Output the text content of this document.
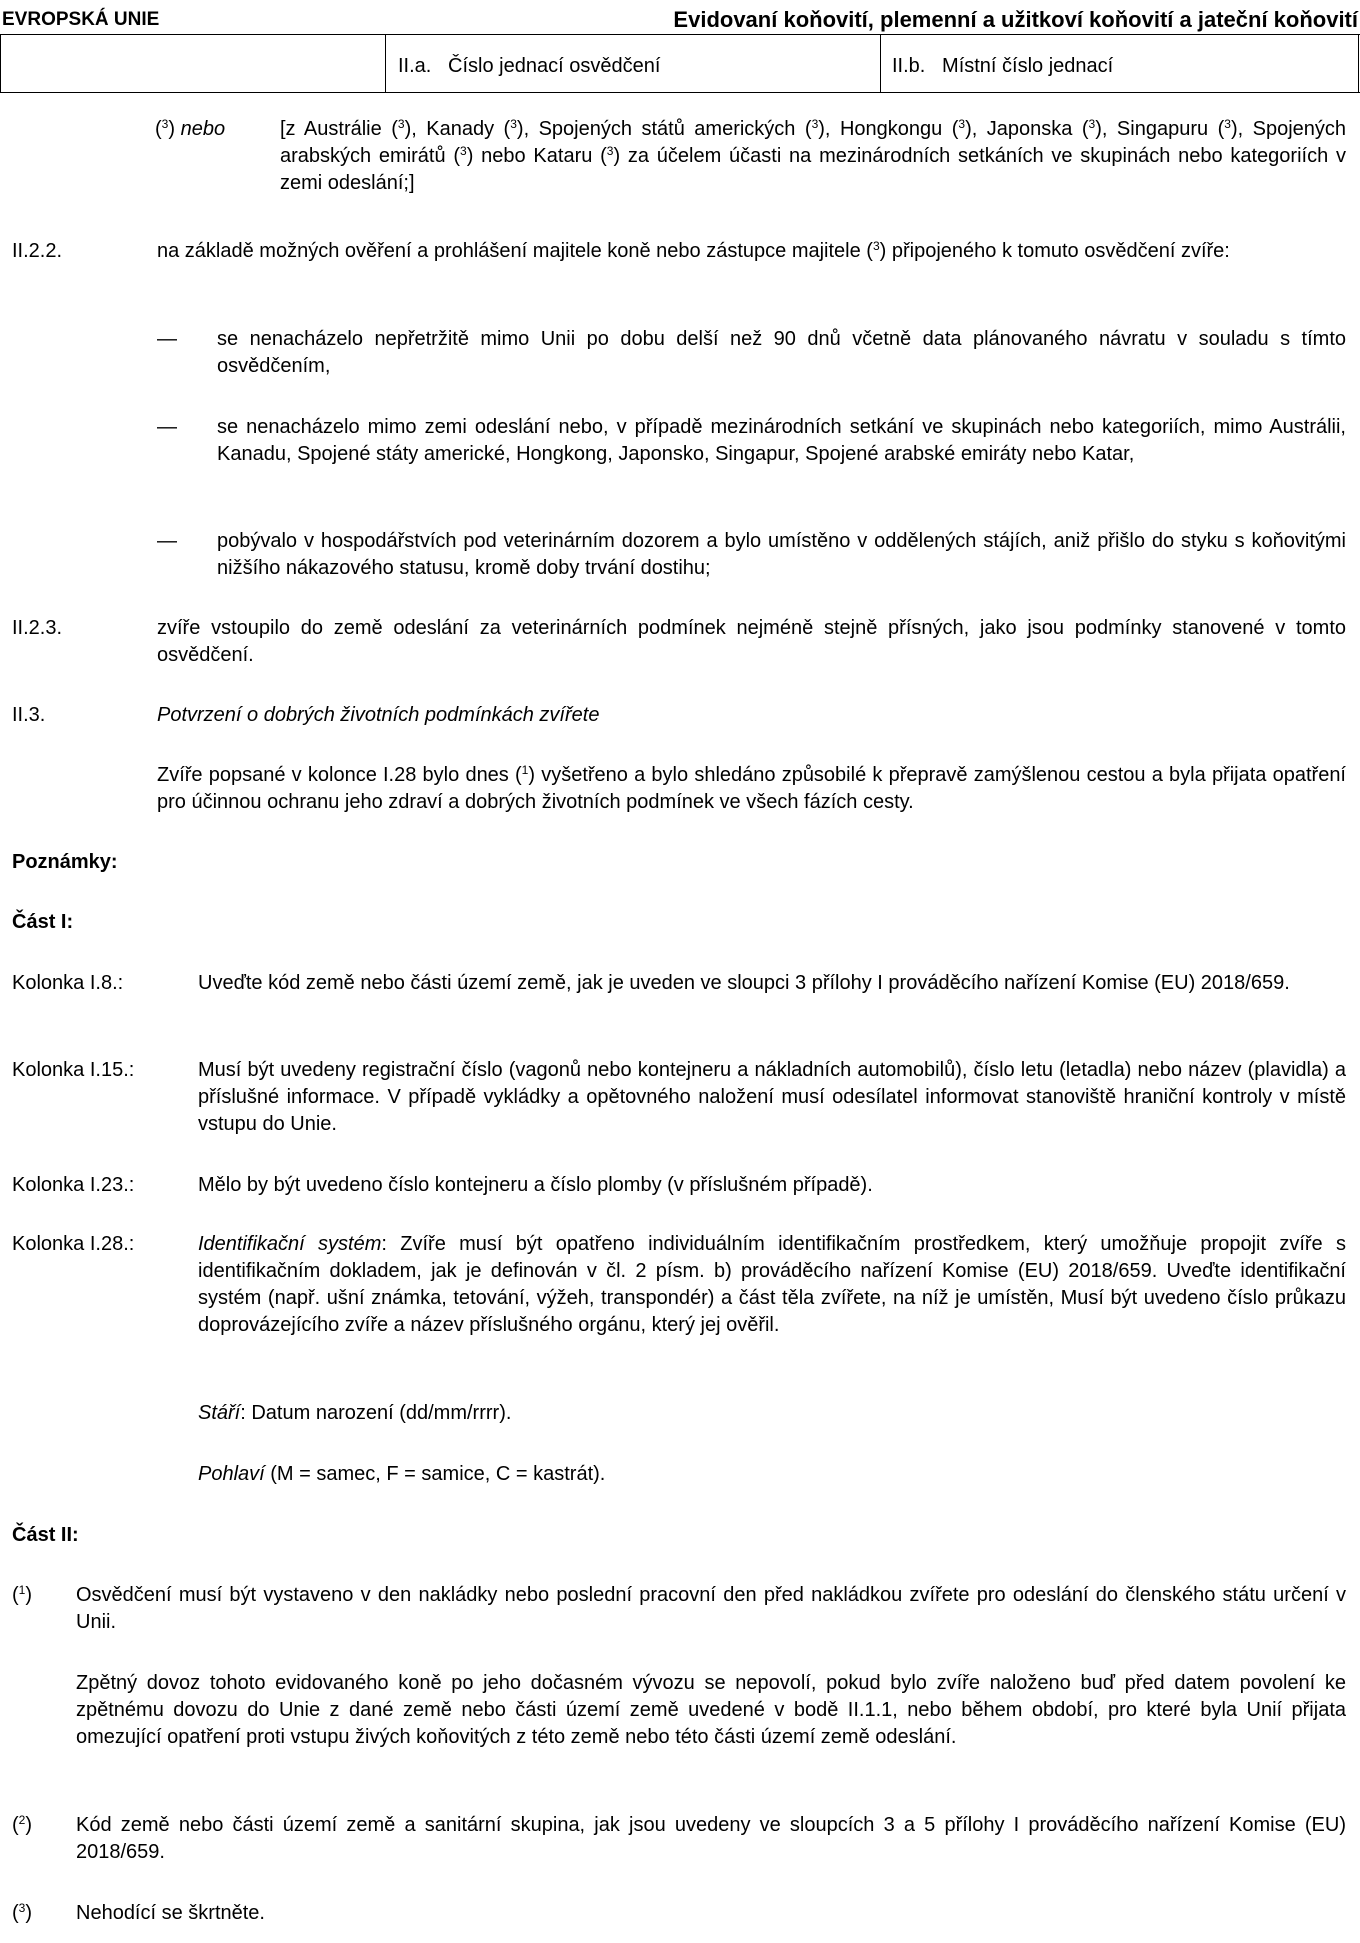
EVROPSKÁ UNIE	Evidovaní koňovití, plemenní a užitkoví koňovití a jateční koňovití
II.a. Číslo jednací osvědčení	II.b. Místní číslo jednací
($^3$) nebo	[z Austrálie ($^3$), Kanady ($^3$), Spojených států amerických ($^3$), Hongkongu ($^3$), Japonska ($^3$), Singapuru ($^3$), Spojených arabských emirátů ($^3$) nebo Kataru ($^3$) za účelem účasti na mezinárodních setkáních ve skupinách nebo kategoriích v zemi odeslání;]
II.2.2.	na základě možných ověření a prohlášení majitele koně nebo zástupce majitele ($^3$) připojeného k tomuto osvědčení zvíře:
— se nenacházelo nepřetržitě mimo Unii po dobu delší než 90 dnů včetně data plánovaného návratu v souladu s tímto osvědčením,
— se nenacházelo mimo zemi odeslání nebo, v případě mezinárodních setkání ve skupinách nebo kategoriích, mimo Austrálii, Kanadu, Spojené státy americké, Hongkong, Japonsko, Singapur, Spojené arabské emiráty nebo Katar,
— pobývalo v hospodářstvích pod veterinárním dozorem a bylo umístěno v oddělených stájích, aniž přišlo do styku s koňovitými nižšího nákazového statusu, kromě doby trvání dostihu;
II.2.3.	zvíře vstoupilo do země odeslání za veterinárních podmínek nejméně stejně přísných, jako jsou podmínky stanovené v tomto osvědčení.
II.3.	Potvrzení o dobrých životních podmínkách zvířete
Zvíře popsané v kolonce I.28 bylo dnes ($^1$) vyšetřeno a bylo shledáno způsobilé k přepravě zamýšlenou cestou a byla přijata opatření pro účinnou ochranu jeho zdraví a dobrých životních podmínek ve všech fázích cesty.
Poznámky:
Část I:
Kolonka I.8.:	Uveďte kód země nebo části území země, jak je uveden ve sloupci 3 přílohy I prováděcího nařízení Komise (EU) 2018/659.
Kolonka I.15.:	Musí být uvedeny registrační číslo (vagonů nebo kontejneru a nákladních automobilů), číslo letu (letadla) nebo název (plavidla) a příslušné informace. V případě vykládky a opětovného naložení musí odesílatel informovat stanoviště hraniční kontroly v místě vstupu do Unie.
Kolonka I.23.:	Mělo by být uvedeno číslo kontejneru a číslo plomby (v příslušném případě).
Kolonka I.28.:	Identifikační systém: Zvíře musí být opatřeno individuálním identifikačním prostředkem, který umožňuje propojit zvíře s identifikačním dokladem, jak je definován v čl. 2 písm. b) prováděcího nařízení Komise (EU) 2018/659. Uveďte identifikační systém (např. ušní známka, tetování, výžeh, transpondér) a část těla zvířete, na níž je umístěn, Musí být uvedeno číslo průkazu doprovázejícího zvíře a název příslušného orgánu, který jej ověřil.
Stáří: Datum narození (dd/mm/rrrr).
Pohlaví (M = samec, F = samice, C = kastrát).
Část II:
($^1$) Osvědčení musí být vystaveno v den nakládky nebo poslední pracovní den před nakládkou zvířete pro odeslání do členského státu určení v Unii.
Zpětný dovoz tohoto evidovaného koně po jeho dočasném vývozu se nepovolí, pokud bylo zvíře naloženo buď před datem povolení ke zpětnému dovozu do Unie z dané země nebo části území země uvedené v bodě II.1.1, nebo během období, pro které byla Unií přijata omezující opatření proti vstupu živých koňovitých z této země nebo této části území země odeslání.
($^2$) Kód země nebo části území země a sanitární skupina, jak jsou uvedeny ve sloupcích 3 a 5 přílohy I prováděcího nařízení Komise (EU) 2018/659.
($^3$) Nehodící se škrtněte.
